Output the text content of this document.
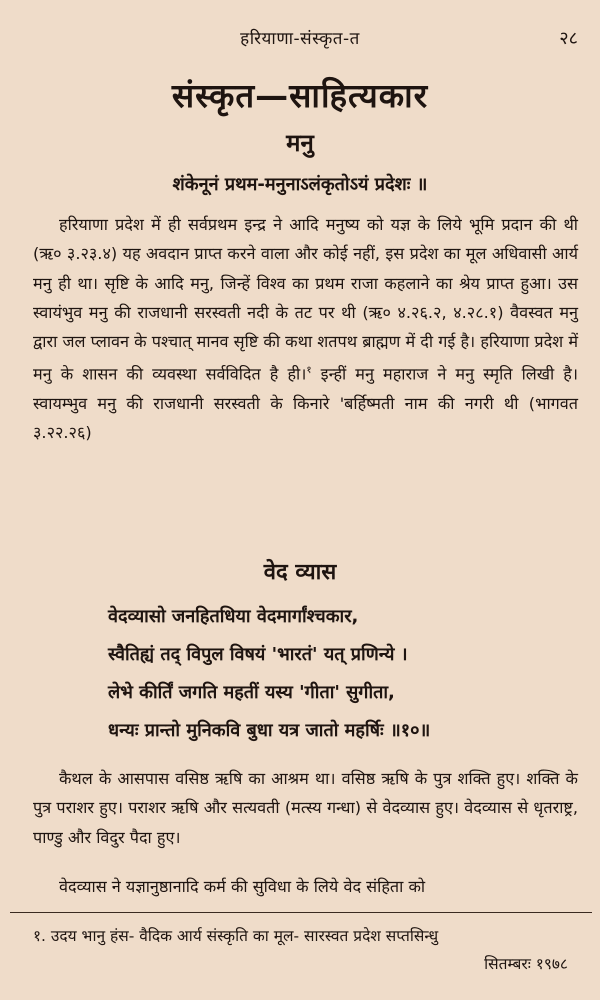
हरियाणा-संस्कृत-त	२८
संस्कृत—साहित्यकार
मनु
शंकेनूनं प्रथम-मनुनाऽलंकृतोऽयं प्रदेशः ॥
हरियाणा प्रदेश में ही सर्वप्रथम इन्द्र ने आदि मनुष्य को यज्ञ के लिये भूमि प्रदान की थी (ऋ० ३.२३.४) यह अवदान प्राप्त करने वाला और कोई नहीं, इस प्रदेश का मूल अधिवासी आर्य मनु ही था। सृष्टि के आदि मनु, जिन्हें विश्व का प्रथम राजा कहलाने का श्रेय प्राप्त हुआ। उस स्वायंभुव मनु की राजधानी सरस्वती नदी के तट पर थी (ऋ० ४.२६.२, ४.२८.१) वैवस्वत मनु द्वारा जल प्लावन के पश्चात् मानव सृष्टि की कथा शतपथ ब्राह्मण में दी गई है। हरियाणा प्रदेश में मनु के शासन की व्यवस्था सर्वविदित है ही।$^१$ इन्हीं मनु महाराज ने मनु स्मृति लिखी है। स्वायम्भुव मनु की राजधानी सरस्वती के किनारे 'बर्हिष्मती नाम की नगरी थी (भागवत ३.२२.२६)
वेद व्यास
वेदव्यासो जनहितधिया वेदमार्गांश्चकार,
स्वैतिह्यं तद् विपुल विषयं 'भारतं' यत् प्रणिन्ये ।
लेभे कीर्तिं जगति महतीं यस्य 'गीता' सुगीता,
धन्यः प्रान्तो मुनिकवि बुधा यत्र जातो महर्षिः ॥१०॥
कैथल के आसपास वसिष्ठ ऋषि का आश्रम था। वसिष्ठ ऋषि के पुत्र शक्ति हुए। शक्ति के पुत्र पराशर हुए। पराशर ऋषि और सत्यवती (मत्स्य गन्धा) से वेदव्यास हुए। वेदव्यास से धृतराष्ट्र, पाण्डु और विदुर पैदा हुए।
वेदव्यास ने यज्ञानुष्ठानादि कर्म की सुविधा के लिये वेद संहिता को
१. उदय भानु हंस- वैदिक आर्य संस्कृति का मूल- सारस्वत प्रदेश सप्तसिन्धु
सितम्बरः १९७८
